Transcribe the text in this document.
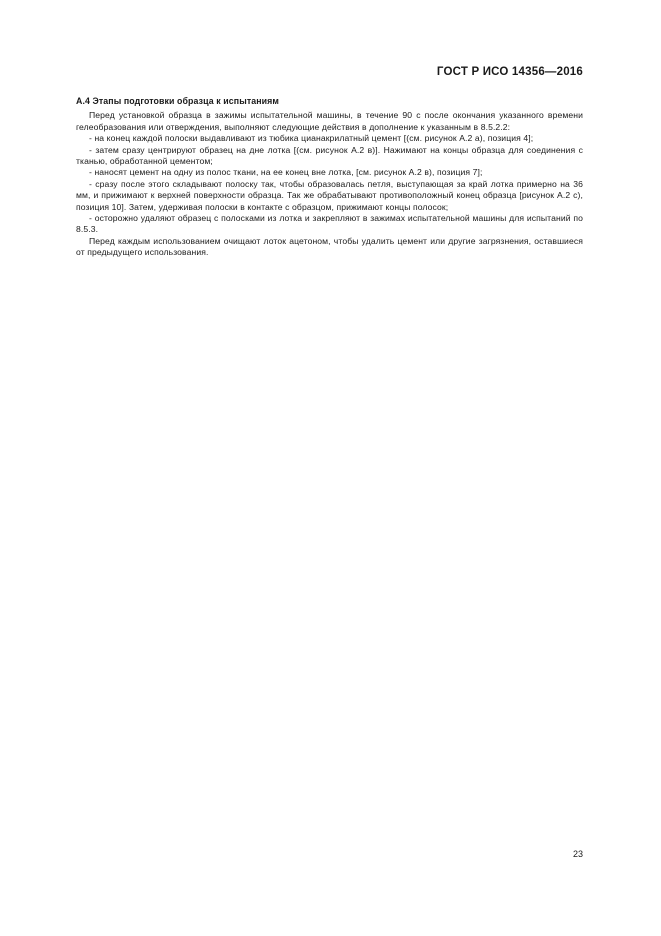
ГОСТ Р ИСО 14356—2016
А.4 Этапы подготовки образца к испытаниям

Перед установкой образца в зажимы испытательной машины, в течение 90 с после окончания указанного времени гелеобразования или отверждения, выполняют следующие действия в дополнение к указанным в 8.5.2.2:

- на конец каждой полоски выдавливают из тюбика цианакрилатный цемент [(см. рисунок А.2 а), позиция 4];

- затем сразу центрируют образец на дне лотка [(см. рисунок А.2 в)]. Нажимают на концы образца для соединения с тканью, обработанной цементом;

- наносят цемент на одну из полос ткани, на ее конец вне лотка, [см. рисунок А.2 в), позиция 7];

- сразу после этого складывают полоску так, чтобы образовалась петля, выступающая за край лотка примерно на 36 мм, и прижимают к верхней поверхности образца. Так же обрабатывают противоположный конец образца [рисунок А.2 с), позиция 10]. Затем, удерживая полоски в контакте с образцом, прижимают концы полосок;

- осторожно удаляют образец с полосками из лотка и закрепляют в зажимах испытательной машины для испытаний по 8.5.3.

Перед каждым использованием очищают лоток ацетоном, чтобы удалить цемент или другие загрязнения, оставшиеся от предыдущего использования.

23
